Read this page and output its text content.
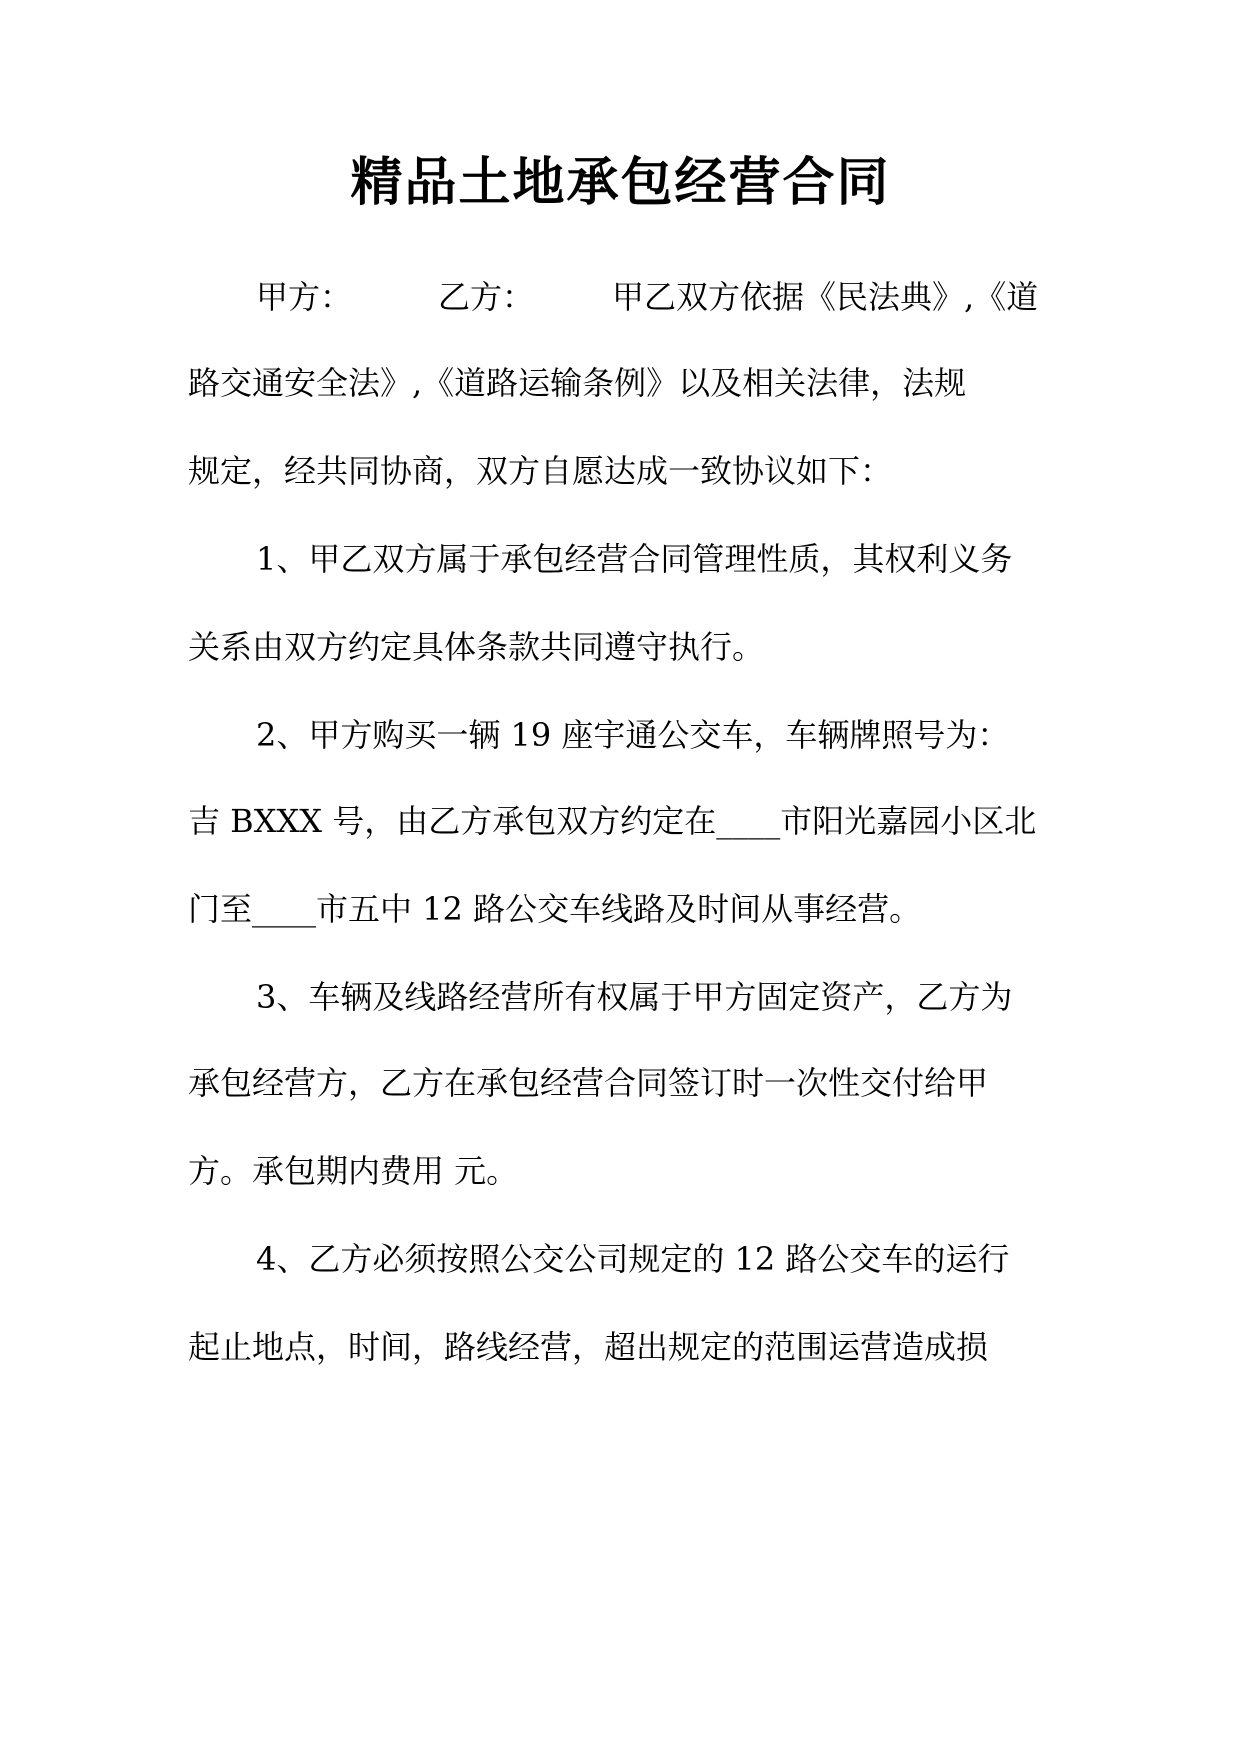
精品土地承包经营合同
甲方：	乙方： 甲乙双方依据《民法典》,《道
路交通安全法》,《道路运输条例》以及相关法律，法规
规定，经共同协商，双方自愿达成一致协议如下：
1、甲乙双方属于承包经营合同管理性质，其权利义务
关系由双方约定具体条款共同遵守执行。
2、甲方购买一辆 19 座宇通公交车，车辆牌照号为：
吉 BXXX 号，由乙方承包双方约定在____市阳光嘉园小区北
门至____市五中 12 路公交车线路及时间从事经营。
3、车辆及线路经营所有权属于甲方固定资产，乙方为
承包经营方，乙方在承包经营合同签订时一次性交付给甲
方。承包期内费用 元。
4、乙方必须按照公交公司规定的 12 路公交车的运行
起止地点，时间，路线经营，超出规定的范围运营造成损
